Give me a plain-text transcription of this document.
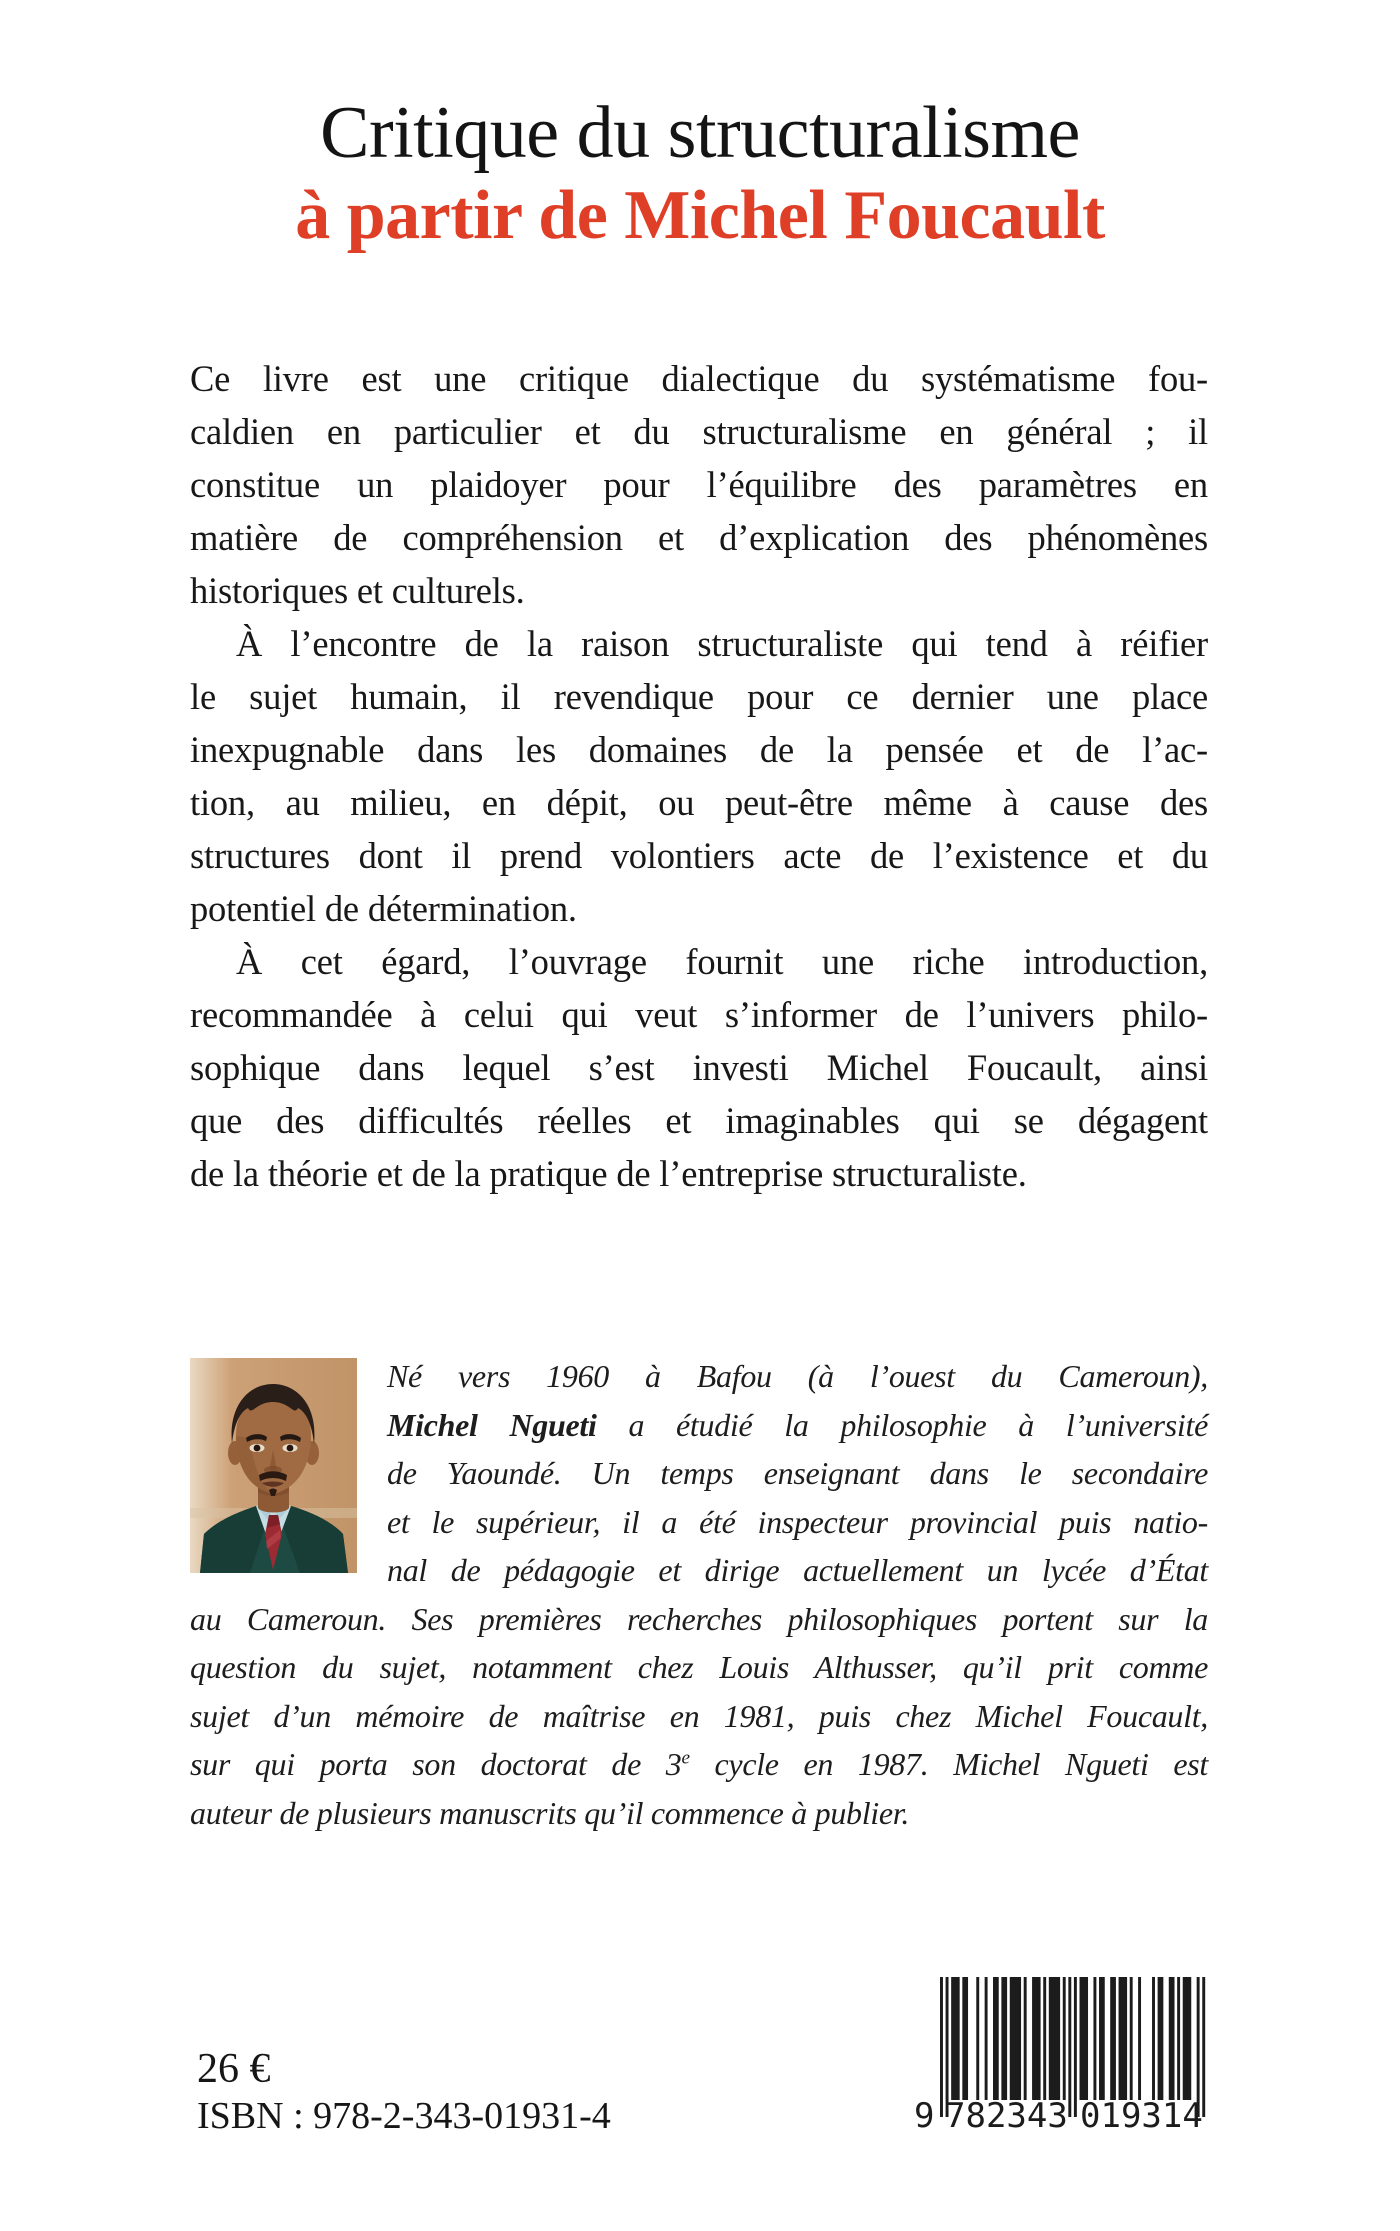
Critique du structuralisme
à partir de Michel Foucault
Ce livre est une critique dialectique du systématisme fou-
caldien en particulier et du structuralisme en général ; il
constitue un plaidoyer pour l’équilibre des paramètres en
matière de compréhension et d’explication des phénomènes
historiques et culturels.
À l’encontre de la raison structuraliste qui tend à réifier
le sujet humain, il revendique pour ce dernier une place
inexpugnable dans les domaines de la pensée et de l’ac-
tion, au milieu, en dépit, ou peut-être même à cause des
structures dont il prend volontiers acte de l’existence et du
potentiel de détermination.
À cet égard, l’ouvrage fournit une riche introduction,
recommandée à celui qui veut s’informer de l’univers philo-
sophique dans lequel s’est investi Michel Foucault, ainsi
que des difficultés réelles et imaginables qui se dégagent
de la théorie et de la pratique de l’entreprise structuraliste.
Né vers 1960 à Bafou (à l’ouest du Cameroun),
Michel Ngueti a étudié la philosophie à l’université
de Yaoundé. Un temps enseignant dans le secondaire
et le supérieur, il a été inspecteur provincial puis natio-
nal de pédagogie et dirige actuellement un lycée d’État
au Cameroun. Ses premières recherches philosophiques portent sur la
question du sujet, notamment chez Louis Althusser, qu’il prit comme
sujet d’un mémoire de maîtrise en 1981, puis chez Michel Foucault,
sur qui porta son doctorat de 3e cycle en 1987. Michel Ngueti est
auteur de plusieurs manuscrits qu’il commence à publier.
26 €
ISBN : 978-2-343-01931-4	9 782343 019314
